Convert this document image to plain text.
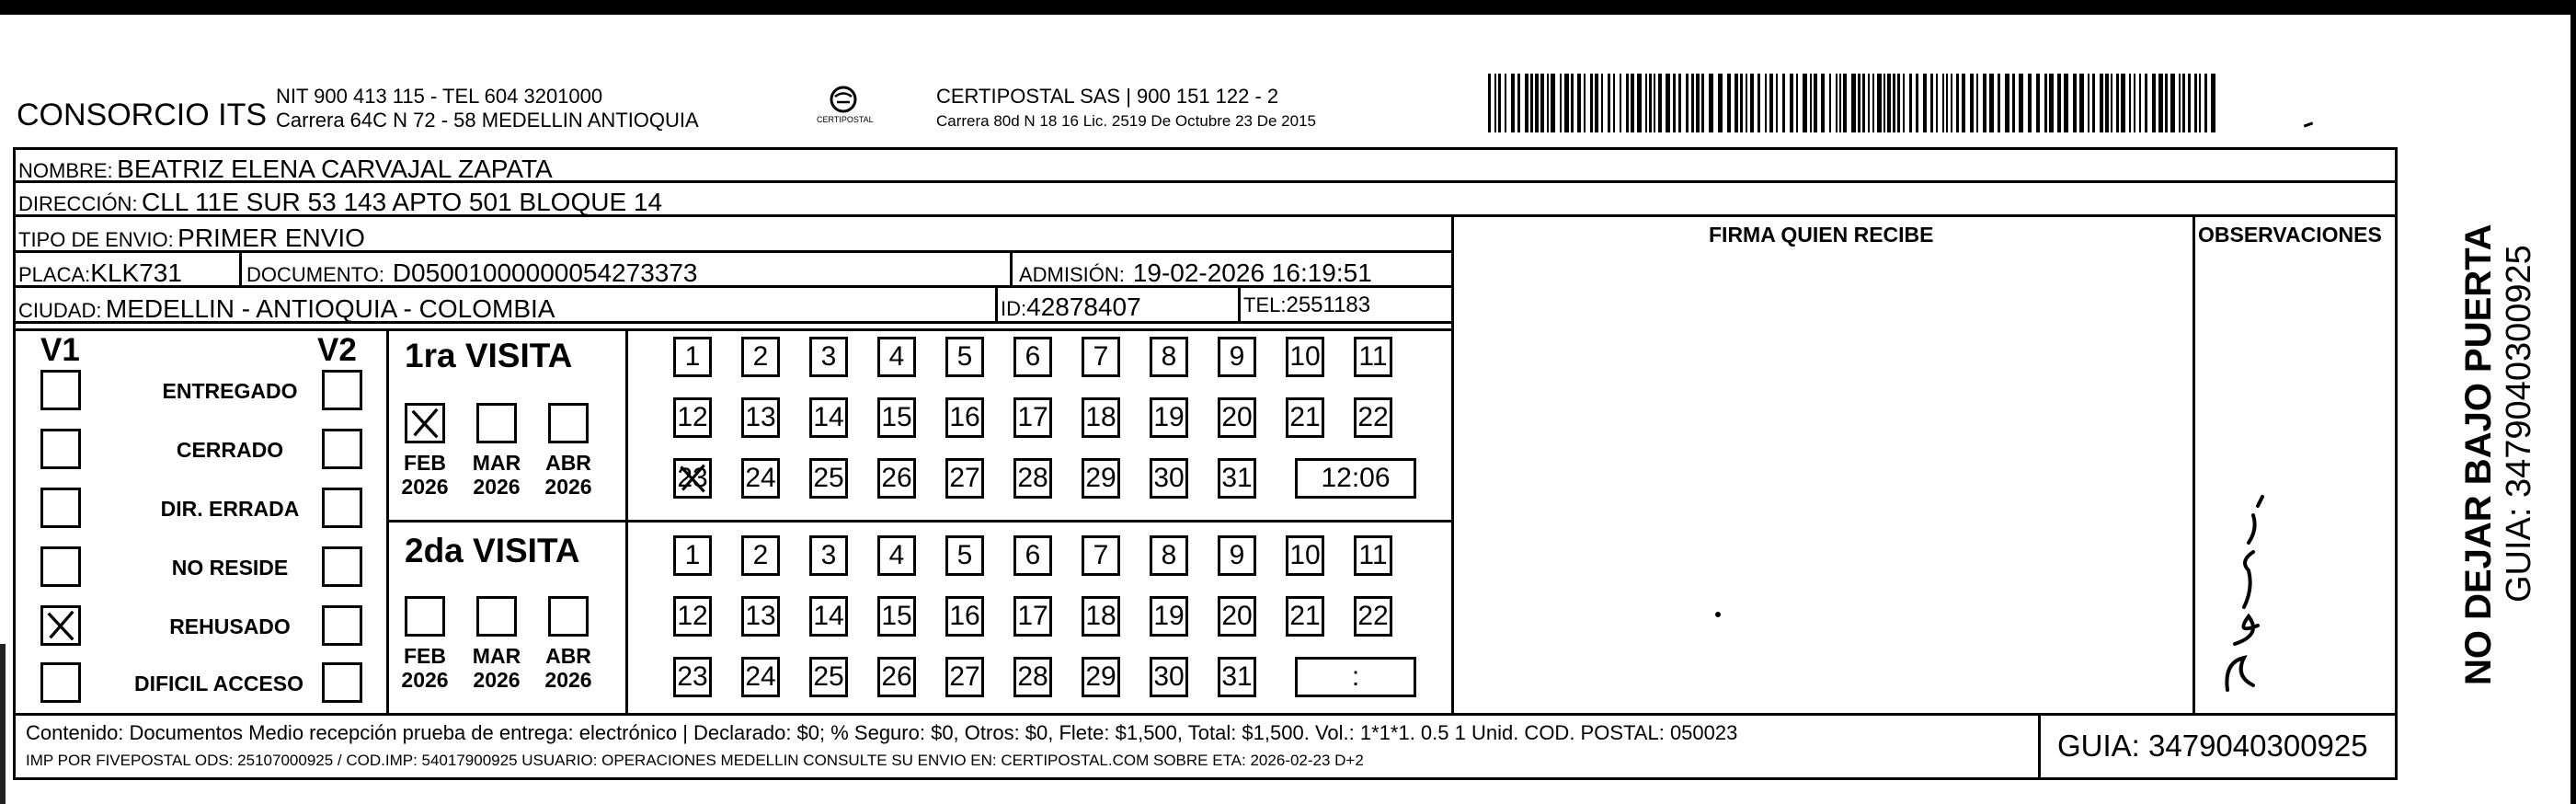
CONSORCIO ITS
NIT 900 413 115 - TEL 604 3201000
Carrera 64C N 72 - 58 MEDELLIN ANTIOQUIA	CERTIPOSTAL
CERTIPOSTAL SAS | 900 151 122 - 2
Carrera 80d N 18 16 Lic. 2519 De Octubre 23 De 2015
NOMBRE: BEATRIZ ELENA CARVAJAL ZAPATA
DIRECCIÓN: CLL 11E SUR 53 143 APTO 501 BLOQUE 14
TIPO DE ENVIO: PRIMER ENVIO
PLACA:KLK731	DOCUMENTO: D05001000000054273373	ADMISIÓN: 19-02-2026 16:19:51
CIUDAD: MEDELLIN - ANTIOQUIA - COLOMBIA	ID:42878407	TEL:2551183
FIRMA QUIEN RECIBE	OBSERVACIONES
V1	V2
ENTREGADO
CERRADO
DIR. ERRADA
NO RESIDE
REHUSADO
DIFICIL ACCESO
1ra VISITA
FEB
2026
MAR
2026
ABR
2026
1 2 3 4 5 6 7 8 9 10 11
12 13 14 15 16 17 18 19 20 21 22
23 24 25 26 27 28 29 30 31	12:06
2da VISITA
FEB
2026
MAR
2026
ABR
2026
1 2 3 4 5 6 7 8 9 10 11
12 13 14 15 16 17 18 19 20 21 22
23 24 25 26 27 28 29 30 31	:
Contenido: Documentos Medio recepción prueba de entrega: electrónico | Declarado: $0; % Seguro: $0, Otros: $0, Flete: $1,500, Total: $1,500. Vol.: 1*1*1. 0.5 1 Unid. COD. POSTAL: 050023
IMP POR FIVEPOSTAL ODS: 25107000925 / COD.IMP: 54017900925 USUARIO: OPERACIONES MEDELLIN CONSULTE SU ENVIO EN: CERTIPOSTAL.COM SOBRE ETA: 2026-02-23 D+2	GUIA: 3479040300925
NO DEJAR BAJO PUERTA GUIA: 3479040300925
